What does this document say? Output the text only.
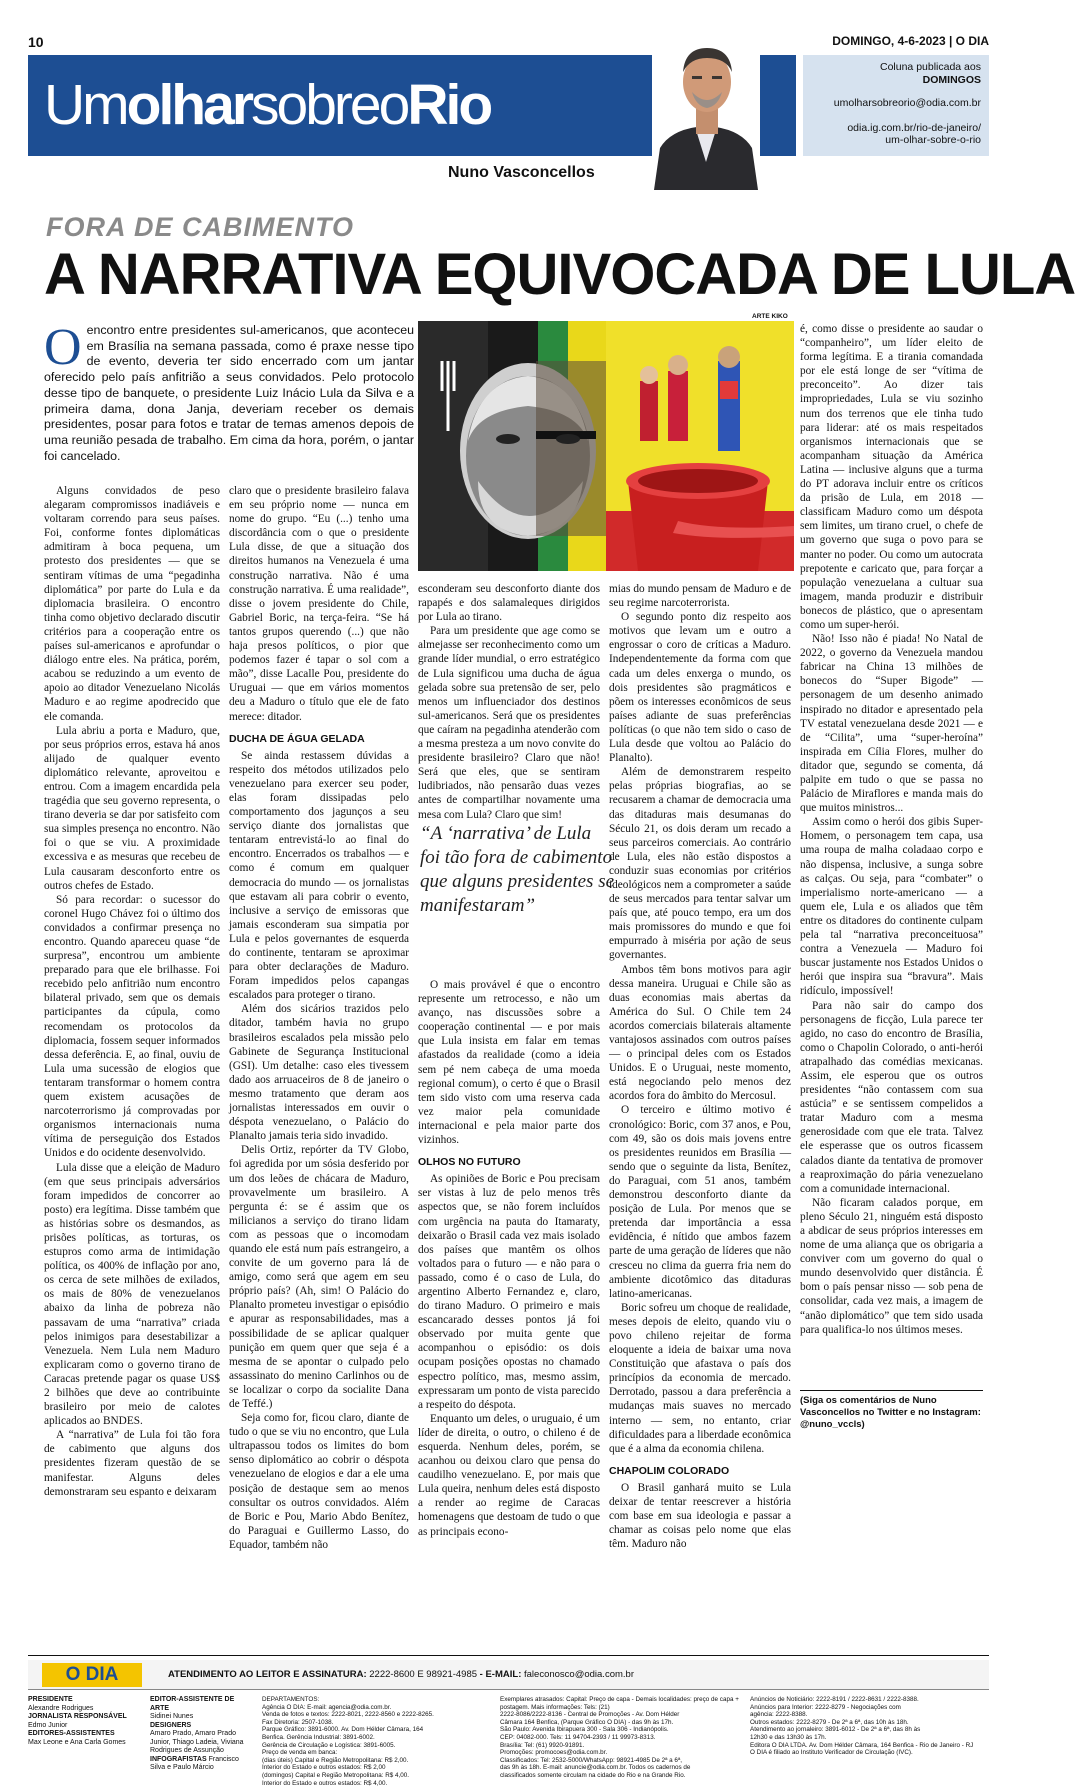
10	DOMINGO, 4-6-2023 | O DIA
UmolharsobreoRio
Nuno Vasconcellos
Coluna publicada aos
DOMINGOS
umolharsobreorio@odia.com.br
odia.ig.com.br/rio-de-janeiro/
um-olhar-sobre-o-rio
FORA DE CABIMENTO
A NARRATIVA EQUIVOCADA DE LULA
O encontro entre presidentes sul-americanos, que aconteceu em Brasília na semana passada, como é praxe nesse tipo de evento, deveria ter sido encerrado com um jantar oferecido pelo país anfitrião a seus convidados. Pelo protocolo desse tipo de banquete, o presidente Luiz Inácio Lula da Silva e a primeira dama, dona Janja, deveriam receber os demais presidentes, posar para fotos e tratar de temas amenos depois de uma reunião pesada de trabalho. Em cima da hora, porém, o jantar foi cancelado.
ARTE KIKO

Alguns convidados de peso alegaram compromissos inadiáveis e voltaram correndo para seus países. Foi, conforme fontes diplomáticas admitiram à boca pequena, um protesto dos presidentes — que se sentiram vítimas de uma “pegadinha diplomática” por parte do Lula e da diplomacia brasileira. O encontro tinha como objetivo declarado discutir critérios para a cooperação entre os países sul-americanos e aprofundar o diálogo entre eles. Na prática, porém, acabou se reduzindo a um evento de apoio ao ditador Venezuelano Nicolás Maduro e ao regime apodrecido que ele comanda.

Lula abriu a porta e Maduro, que, por seus próprios erros, estava há anos alijado de qualquer evento diplomático relevante, aproveitou e entrou. Com a imagem encardida pela tragédia que seu governo representa, o tirano deveria se dar por satisfeito com sua simples presença no encontro. Não foi o que se viu. A proximidade excessiva e as mesuras que recebeu de Lula causaram desconforto entre os outros chefes de Estado.

Só para recordar: o sucessor do coronel Hugo Chávez foi o último dos convidados a confirmar presença no encontro. Quando apareceu quase “de surpresa”, encontrou um ambiente preparado para que ele brilhasse. Foi recebido pelo anfitrião num encontro bilateral privado, sem que os demais participantes da cúpula, como recomendam os protocolos da diplomacia, fossem sequer informados dessa deferência. E, ao final, ouviu de Lula uma sucessão de elogios que tentaram transformar o homem contra quem existem acusações de narcoterrorismo já comprovadas por organismos internacionais numa vítima de perseguição dos Estados Unidos e do ocidente desenvolvido.

Lula disse que a eleição de Maduro (em que seus principais adversários foram impedidos de concorrer ao posto) era legítima. Disse também que as histórias sobre os desmandos, as prisões políticas, as torturas, os estupros como arma de intimidação política, os 400% de inflação por ano, os cerca de sete milhões de exilados, os mais de 80% de venezuelanos abaixo da linha de pobreza não passavam de uma “narrativa” criada pelos inimigos para desestabilizar a Venezuela. Nem Lula nem Maduro explicaram como o governo tirano de Caracas pretende pagar os quase US$ 2 bilhões que deve ao contribuinte brasileiro por meio de calotes aplicados ao BNDES.

A “narrativa” de Lula foi tão fora de cabimento que alguns dos presidentes fizeram questão de se manifestar. Alguns deles demonstraram seu espanto e deixaram

claro que o presidente brasileiro falava em seu próprio nome — nunca em nome do grupo. “Eu (...) tenho uma discordância com o que o presidente Lula disse, de que a situação dos direitos humanos na Venezuela é uma construção narrativa. Não é uma construção narrativa. É uma realidade”, disse o jovem presidente do Chile, Gabriel Boric, na terça-feira. “Se há tantos grupos querendo (...) que não haja presos políticos, o pior que podemos fazer é tapar o sol com a mão”, disse Lacalle Pou, presidente do Uruguai — que em vários momentos deu a Maduro o título que ele de fato merece: ditador.

DUCHA DE ÁGUA GELADA

Se ainda restassem dúvidas a respeito dos métodos utilizados pelo venezuelano para exercer seu poder, elas foram dissipadas pelo comportamento dos jagunços a seu serviço diante dos jornalistas que tentaram entrevistá-lo ao final do encontro. Encerrados os trabalhos — e como é comum em qualquer democracia do mundo — os jornalistas que estavam ali para cobrir o evento, inclusive a serviço de emissoras que jamais esconderam sua simpatia por Lula e pelos governantes de esquerda do continente, tentaram se aproximar para obter declarações de Maduro. Foram impedidos pelos capangas escalados para proteger o tirano.

Além dos sicários trazidos pelo ditador, também havia no grupo brasileiros escalados pela missão pelo Gabinete de Segurança Institucional (GSI). Um detalhe: caso eles tivessem dado aos arruaceiros de 8 de janeiro o mesmo tratamento que deram aos jornalistas interessados em ouvir o déspota venezuelano, o Palácio do Planalto jamais teria sido invadido.

Delis Ortiz, repórter da TV Globo, foi agredida por um sósia desferido por um dos leões de chácara de Maduro, provavelmente um brasileiro. A pergunta é: se é assim que os milicianos a serviço do tirano lidam com as pessoas que o incomodam quando ele está num país estrangeiro, a convite de um governo para lá de amigo, como será que agem em seu próprio país? (Ah, sim! O Palácio do Planalto prometeu investigar o episódio e apurar as responsabilidades, mas a possibilidade de se aplicar qualquer punição em quem quer que seja é a mesma de se apontar o culpado pelo assassinato do menino Carlinhos ou de se localizar o corpo da socialite Dana de Teffé.)

Seja como for, ficou claro, diante de tudo o que se viu no encontro, que Lula ultrapassou todos os limites do bom senso diplomático ao cobrir o déspota venezuelano de elogios e dar a ele uma posição de destaque sem ao menos consultar os outros convidados. Além de Boric e Pou, Mario Abdo Benítez, do Paraguai e Guillermo Lasso, do Equador, também não

esconderam seu desconforto diante dos rapapés e dos salamaleques dirigidos por Lula ao tirano.

Para um presidente que age como se almejasse ser reconhecimento como um grande líder mundial, o erro estratégico de Lula significou uma ducha de água gelada sobre sua pretensão de ser, pelo menos um influenciador dos destinos sul-americanos. Será que os presidentes que caíram na pegadinha atenderão com a mesma presteza a um novo convite do presidente brasileiro? Claro que não! Será que eles, que se sentiram ludibriados, não pensarão duas vezes antes de compartilhar novamente uma mesa com Lula? Claro que sim!

“A ‘narrativa’ de Lula foi tão fora de cabimento que alguns presidentes se manifestaram”

O mais provável é que o encontro represente um retrocesso, e não um avanço, nas discussões sobre a cooperação continental — e por mais que Lula insista em falar em temas afastados da realidade (como a ideia sem pé nem cabeça de uma moeda regional comum), o certo é que o Brasil tem sido visto com uma reserva cada vez maior pela comunidade internacional e pela maior parte dos vizinhos.

OLHOS NO FUTURO

As opiniões de Boric e Pou precisam ser vistas à luz de pelo menos três aspectos que, se não forem incluídos com urgência na pauta do Itamaraty, deixarão o Brasil cada vez mais isolado dos países que mantêm os olhos voltados para o futuro — e não para o passado, como é o caso de Lula, do argentino Alberto Fernandez e, claro, do tirano Maduro. O primeiro e mais escancarado desses pontos já foi observado por muita gente que acompanhou o episódio: os dois ocupam posições opostas no chamado espectro político, mas, mesmo assim, expressaram um ponto de vista parecido a respeito do déspota.

Enquanto um deles, o uruguaio, é um líder de direita, o outro, o chileno é de esquerda. Nenhum deles, porém, se acanhou ou deixou claro que pensa do caudilho venezuelano. E, por mais que Lula queira, nenhum deles está disposto a render ao regime de Caracas homenagens que destoam de tudo o que as principais econo-

mias do mundo pensam de Maduro e de seu regime narcoterrorista.

O segundo ponto diz respeito aos motivos que levam um e outro a engrossar o coro de críticas a Maduro. Independentemente da forma com que cada um deles enxerga o mundo, os dois presidentes são pragmáticos e põem os interesses econômicos de seus países adiante de suas preferências políticas (o que não tem sido o caso de Lula desde que voltou ao Palácio do Planalto).

Além de demonstrarem respeito pelas próprias biografias, ao se recusarem a chamar de democracia uma das ditaduras mais desumanas do Século 21, os dois deram um recado a seus parceiros comerciais. Ao contrário de Lula, eles não estão dispostos a conduzir suas economias por critérios ideológicos nem a comprometer a saúde de seus mercados para tentar salvar um país que, até pouco tempo, era um dos mais promissores do mundo e que foi empurrado à miséria por ação de seus governantes.

Ambos têm bons motivos para agir dessa maneira. Uruguai e Chile são as duas economias mais abertas da América do Sul. O Chile tem 24 acordos comerciais bilaterais altamente vantajosos assinados com outros países — o principal deles com os Estados Unidos. E o Uruguai, neste momento, está negociando pelo menos dez acordos fora do âmbito do Mercosul.

O terceiro e último motivo é cronológico: Boric, com 37 anos, e Pou, com 49, são os dois mais jovens entre os presidentes reunidos em Brasília — sendo que o seguinte da lista, Benítez, do Paraguai, com 51 anos, também demonstrou desconforto diante da posição de Lula. Por menos que se pretenda dar importância a essa evidência, é nítido que ambos fazem parte de uma geração de líderes que não cresceu no clima da guerra fria nem do ambiente dicotômico das ditaduras latino-americanas.

Boric sofreu um choque de realidade, meses depois de eleito, quando viu o povo chileno rejeitar de forma eloquente a ideia de baixar uma nova Constituição que afastava o país dos princípios da economia de mercado. Derrotado, passou a dara preferência a mudanças mais suaves no mercado interno — sem, no entanto, criar dificuldades para a liberdade econômica que é a alma da economia chilena.

CHAPOLIM COLORADO

O Brasil ganhará muito se Lula deixar de tentar reescrever a história com base em sua ideologia e passar a chamar as coisas pelo nome que elas têm. Maduro não

é, como disse o presidente ao saudar o “companheiro”, um líder eleito de forma legítima. E a tirania comandada por ele está longe de ser “vítima de preconceito”. Ao dizer tais impropriedades, Lula se viu sozinho num dos terrenos que ele tinha tudo para liderar: até os mais respeitados organismos internacionais que se acompanham situação da América Latina — inclusive alguns que a turma do PT adorava incluir entre os críticos da prisão de Lula, em 2018 — classificam Maduro como um déspota sem limites, um tirano cruel, o chefe de um governo que suga o povo para se manter no poder. Ou como um autocrata prepotente e caricato que, para forçar a população venezuelana a cultuar sua imagem, manda produzir e distribuir bonecos de plástico, que o apresentam como um super-herói.

Não! Isso não é piada! No Natal de 2022, o governo da Venezuela mandou fabricar na China 13 milhões de bonecos do “Super Bigode” — personagem de um desenho animado inspirado no ditador e apresentado pela TV estatal venezuelana desde 2021 — e de “Cilita”, uma “super-heroína” inspirada em Cília Flores, mulher do ditador que, segundo se comenta, dá palpite em tudo o que se passa no Palácio de Miraflores e manda mais do que muitos ministros...

Assim como o herói dos gibis Super-Homem, o personagem tem capa, usa uma roupa de malha coladaao corpo e não dispensa, inclusive, a sunga sobre as calças. Ou seja, para “combater” o imperialismo norte-americano — a quem ele, Lula e os aliados que têm entre os ditadores do continente culpam pela tal “narrativa preconceituosa” contra a Venezuela — Maduro foi buscar justamente nos Estados Unidos o herói que inspira sua “bravura”. Mais ridículo, impossível!

Para não sair do campo dos personagens de ficção, Lula parece ter agido, no caso do encontro de Brasília, como o Chapolin Colorado, o anti-herói atrapalhado das comédias mexicanas. Assim, ele esperou que os outros presidentes “não contassem com sua astúcia” e se sentissem compelidos a tratar Maduro com a mesma generosidade com que ele trata. Talvez ele esperasse que os outros ficassem calados diante da tentativa de promover a reaproximação do pária venezuelano com a comunidade internacional.

Não ficaram calados porque, em pleno Século 21, ninguém está disposto a abdicar de seus próprios interesses em nome de uma aliança que os obrigaria a conviver com um governo do qual o mundo desenvolvido quer distância. É bom o país pensar nisso — sob pena de consolidar, cada vez mais, a imagem de “anão diplomático” que tem sido usada para qualifica-lo nos últimos meses.

(Siga os comentários de Nuno Vasconcellos no Twitter e no Instagram: @nuno_vccls)
O DIA	ATENDIMENTO AO LEITOR E ASSINATURA: 2222-8600 E 98921-4985 - E-MAIL: faleconosco@odia.com.br
PRESIDENTE
Alexandre Rodrigues
JORNALISTA RESPONSÁVEL
Edmo Junior
EDITORES-ASSISTENTES
Max Leone e Ana Carla Gomes
EDITOR-ASSISTENTE DE ARTE
Sidinei Nunes
DESIGNERS
Amaro Prado, Amaro Prado Junior, Thiago Ladeia, Viviana Rodrigues de Assunção
INFOGRAFISTAS Francisco Silva e Paulo Márcio
DEPARTAMENTOS:
Agência O DIA: E-mail: agencia@odia.com.br.
Venda de fotos e textos: 2222-8021, 2222-8560 e 2222-8265.
Fax Diretoria: 2507-1038.
Parque Gráfico: 3891-6000. Av. Dom Hélder Câmara, 164
Benfica. Gerência Industrial: 3891-6002.
Gerência de Circulação e Logística: 3891-6005.
Preço de venda em banca:
(dias úteis) Capital e Região Metropolitana: R$ 2,00.
Interior do Estado e outros estados: R$ 2,00
(domingos) Capital e Região Metropolitana: R$ 4,00.
Interior do Estado e outros estados: R$ 4,00.
Exemplares atrasados: Capital: Preço de capa - Demais localidades: preço de capa + postagem. Mais informações: Tels: (21)
2222-8086/2222-8136 - Central de Promoções - Av. Dom Hélder
Câmara 164 Benfica, (Parque Gráfico O DIA) - das 9h às 17h.
São Paulo: Avenida Ibirapuera 300 - Sala 306 - Indianópolis.
CEP: 04082-000. Tels: 11 94704-2393 / 11 99973-8313.
Brasília: Tel: (61) 9920-91891.
Promoções: promocoes@odia.com.br.
Classificados: Tel: 2532-5000/WhatsApp: 98921-4985 De 2ª a 6ª,
das 9h às 18h. E-mail: anuncie@odia.com.br. Todos os cadernos de
classificados somente circulam na cidade do Rio e na Grande Rio.
Anúncios de Noticiário: 2222-8191 / 2222-8631 / 2222-8388.
Anúncios para Interior: 2222-8279 - Negociações com
agência: 2222-8388.
Outros estados: 2222-8279 - De 2ª a 6ª, das 10h às 18h.
Atendimento ao jornaleiro: 3891-6012 - De 2ª a 6ª, das 8h às
12h30 e das 13h30 às 17h.
Editora O DIA LTDA. Av. Dom Hélder Câmara, 164 Benfica - Rio de Janeiro - RJ
O DIA é filiado ao Instituto Verificador de Circulação (IVC).
